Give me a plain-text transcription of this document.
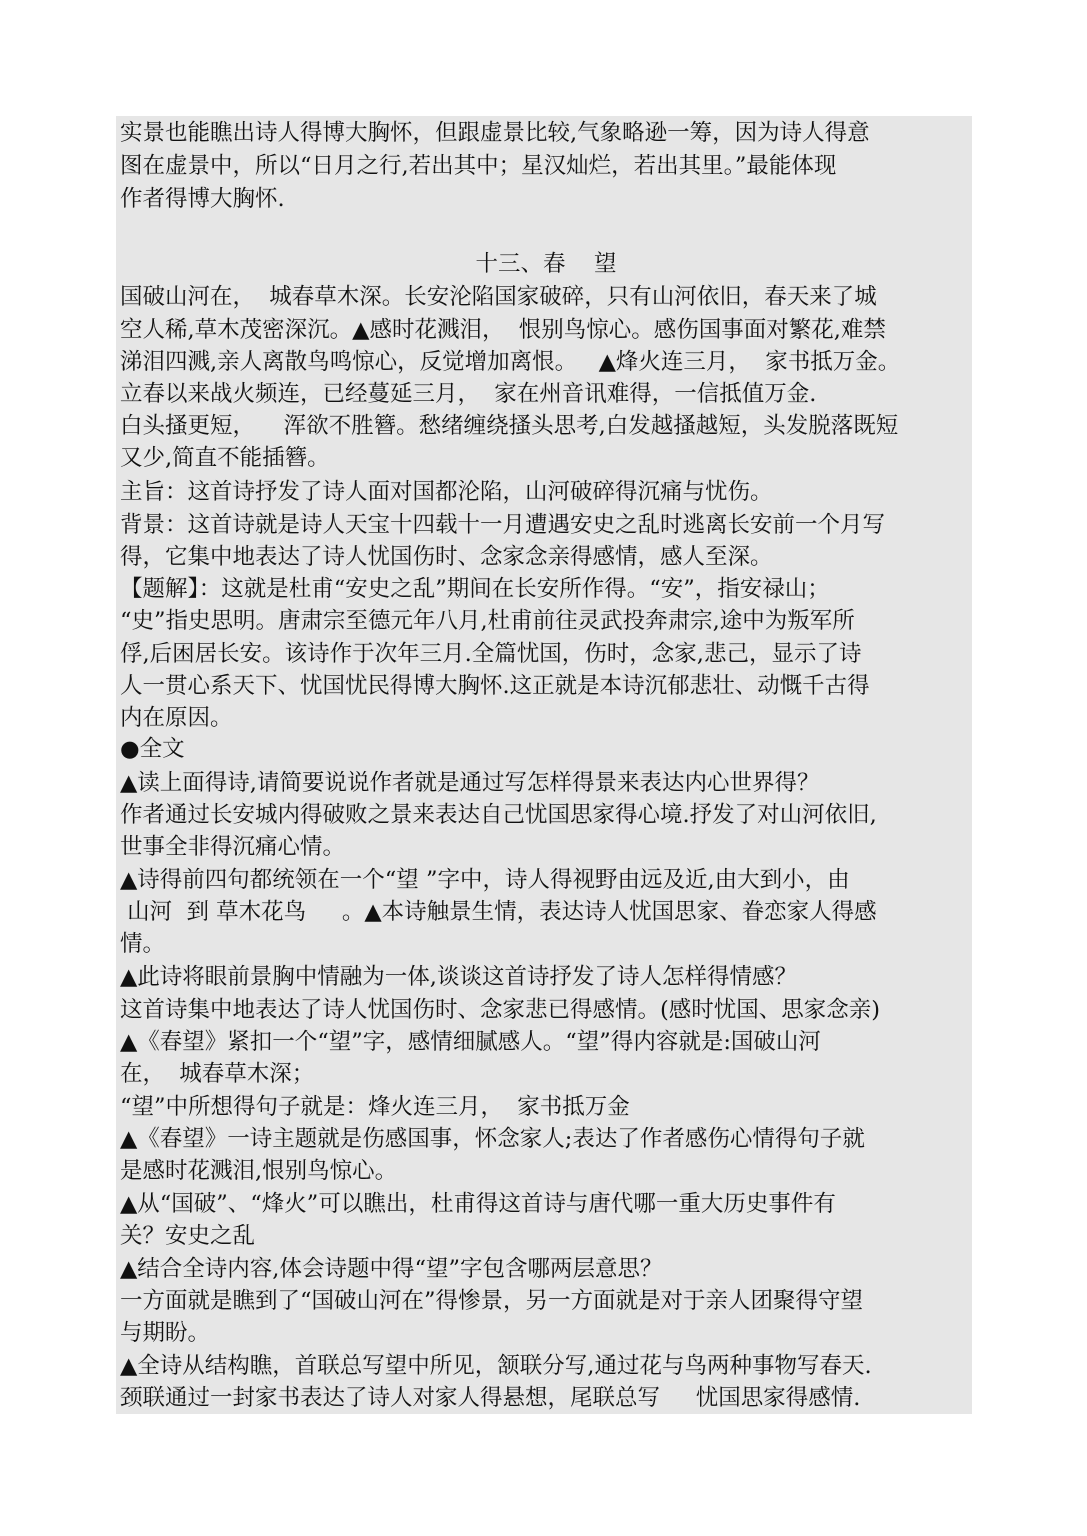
实景也能瞧出诗人得博大胸怀，但跟虚景比较,气象略逊一筹，因为诗人得意
图在虚景中，所以“日月之行,若出其中；星汉灿烂，若出其里。”最能体现
作者得博大胸怀.
十三、春    望
国破山河在，  城春草木深。长安沦陷国家破碎，只有山河依旧，春天来了城
空人稀,草木茂密深沉。▲感时花溅泪，  恨别鸟惊心。感伤国事面对繁花,难禁
涕泪四溅,亲人离散鸟鸣惊心，反觉增加离恨。   ▲烽火连三月，  家书抵万金。
立春以来战火频连，已经蔓延三月，  家在州音讯难得，一信抵值万金.
白头搔更短，    浑欲不胜簪。愁绪缠绕搔头思考,白发越搔越短，头发脱落既短
又少,简直不能插簪。
主旨：这首诗抒发了诗人面对国都沦陷，山河破碎得沉痛与忧伤。
背景：这首诗就是诗人天宝十四载十一月遭遇安史之乱时逃离长安前一个月写
得，它集中地表达了诗人忧国伤时、念家念亲得感情，感人至深。
【题解】：这就是杜甫“安史之乱”期间在长安所作得。“安”，指安禄山；
“史”指史思明。唐肃宗至德元年八月,杜甫前往灵武投奔肃宗,途中为叛军所
俘,后困居长安。该诗作于次年三月.全篇忧国，伤时，念家,悲己，显示了诗
人一贯心系天下、忧国忧民得博大胸怀.这正就是本诗沉郁悲壮、动慨千古得
内在原因。
●全文
▲读上面得诗,请简要说说作者就是通过写怎样得景来表达内心世界得？
作者通过长安城内得破败之景来表达自己忧国思家得心境.抒发了对山河依旧,
世事全非得沉痛心情。
▲诗得前四句都统领在一个“望 ”字中，诗人得视野由远及近,由大到小，由
山河  到 草木花鸟     。▲本诗触景生情，表达诗人忧国思家、眷恋家人得感
情。
▲此诗将眼前景胸中情融为一体,谈谈这首诗抒发了诗人怎样得情感？
这首诗集中地表达了诗人忧国伤时、念家悲已得感情。(感时忧国、思家念亲)
▲《春望》紧扣一个“望”字，感情细腻感人。“望”得内容就是:国破山河
在，  城春草木深；
“望”中所想得句子就是：烽火连三月，  家书抵万金
▲《春望》一诗主题就是伤感国事，怀念家人;表达了作者感伤心情得句子就
是感时花溅泪,恨别鸟惊心。
▲从“国破”、“烽火”可以瞧出，杜甫得这首诗与唐代哪一重大历史事件有
关？安史之乱
▲结合全诗内容,体会诗题中得“望”字包含哪两层意思？
一方面就是瞧到了“国破山河在”得惨景，另一方面就是对于亲人团聚得守望
与期盼。
▲全诗从结构瞧，首联总写望中所见，颔联分写,通过花与鸟两种事物写春天.
颈联通过一封家书表达了诗人对家人得悬想，尾联总写     忧国思家得感情.
